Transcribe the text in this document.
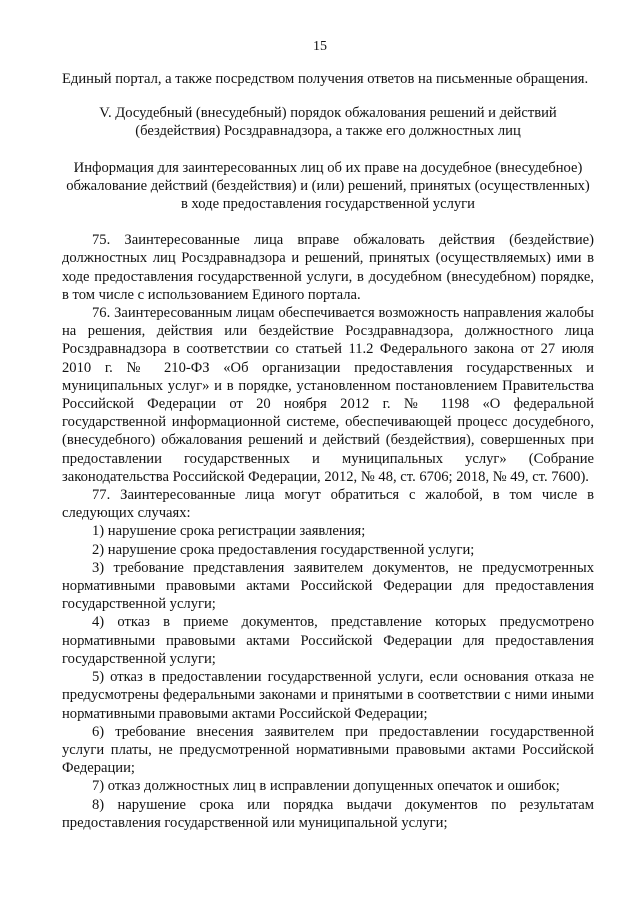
15

Единый портал, а также посредством получения ответов на письменные обращения.

V. Досудебный (внесудебный) порядок обжалования решений и действий (бездействия) Росздравнадзора, а также его должностных лиц

Информация для заинтересованных лиц об их праве на досудебное (внесудебное) обжалование действий (бездействия) и (или) решений, принятых (осуществленных) в ходе предоставления государственной услуги

75. Заинтересованные лица вправе обжаловать действия (бездействие) должностных лиц Росздравнадзора и решений, принятых (осуществляемых) ими в ходе предоставления государственной услуги, в досудебном (внесудебном) порядке, в том числе с использованием Единого портала.

76. Заинтересованным лицам обеспечивается возможность направления жалобы на решения, действия или бездействие Росздравнадзора, должностного лица Росздравнадзора в соответствии со статьей 11.2 Федерального закона от 27 июля 2010 г. № 210-ФЗ «Об организации предоставления государственных и муниципальных услуг» и в порядке, установленном постановлением Правительства Российской Федерации от 20 ноября 2012 г. № 1198 «О федеральной государственной информационной системе, обеспечивающей процесс досудебного, (внесудебного) обжалования решений и действий (бездействия), совершенных при предоставлении государственных и муниципальных услуг» (Собрание законодательства Российской Федерации, 2012, № 48, ст. 6706; 2018, № 49, ст. 7600).

77. Заинтересованные лица могут обратиться с жалобой, в том числе в следующих случаях:

1) нарушение срока регистрации заявления;

2) нарушение срока предоставления государственной услуги;

3) требование представления заявителем документов, не предусмотренных нормативными правовыми актами Российской Федерации для предоставления государственной услуги;

4) отказ в приеме документов, представление которых предусмотрено нормативными правовыми актами Российской Федерации для предоставления государственной услуги;

5) отказ в предоставлении государственной услуги, если основания отказа не предусмотрены федеральными законами и принятыми в соответствии с ними иными нормативными правовыми актами Российской Федерации;

6) требование внесения заявителем при предоставлении государственной услуги платы, не предусмотренной нормативными правовыми актами Российской Федерации;

7) отказ должностных лиц в исправлении допущенных опечаток и ошибок;

8) нарушение срока или порядка выдачи документов по результатам предоставления государственной или муниципальной услуги;
